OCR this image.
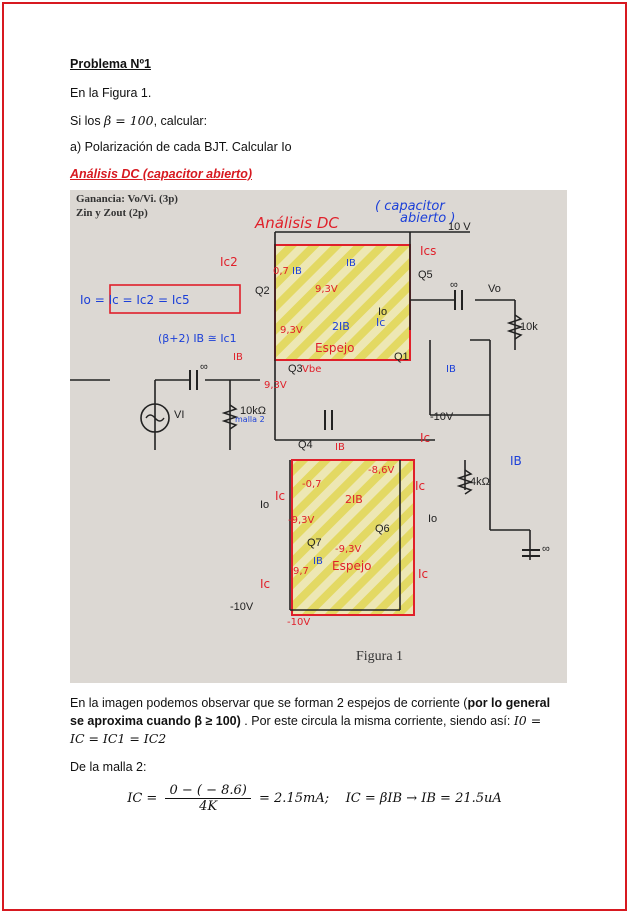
Problema Nº1
En la Figura 1.
Si los β = 100, calcular:
a) Polarización de cada BJT. Calcular Io
Análisis DC (capacitor abierto)
Ganancia: Vo/Vi. (3p)
Zin y Zout (2p)
Análisis DC
( capacitor
abierto )
10 V
Vo
10k
VI	10kΩ	-10V
4kΩ
-10V
Q1
Q2
Q3
Q4
Q5
Q6
Q7
Io
Io
Io
∞
∞
∞
Ic2
Ics
0,7
9,3V
9,3V
Espejo
IB
Vbe
9,3V
IB
Ic
-8,6V
-0,7
Ic
Ic
2IB
-9,3V
-9,3V
9,7 Espejo
Ic
Ic
-10V
IB
IB
2IB Ic
(β+2) IB ≅ Ic1
IB
malla 2
IB
IB
Io = Ic = Ic2 = Ic5
Figura 1
En la imagen podemos observar que se forman 2 espejos de corriente (por lo general se aproxima cuando β ≥ 100) . Por este circula la misma corriente, siendo así: I0 = IC = IC1 = IC2
De la malla 2:
IC = $\frac{0 - ( - 8.6)}{4K} = 2.15mA$; IC = βIB → IB = 21.5uA
